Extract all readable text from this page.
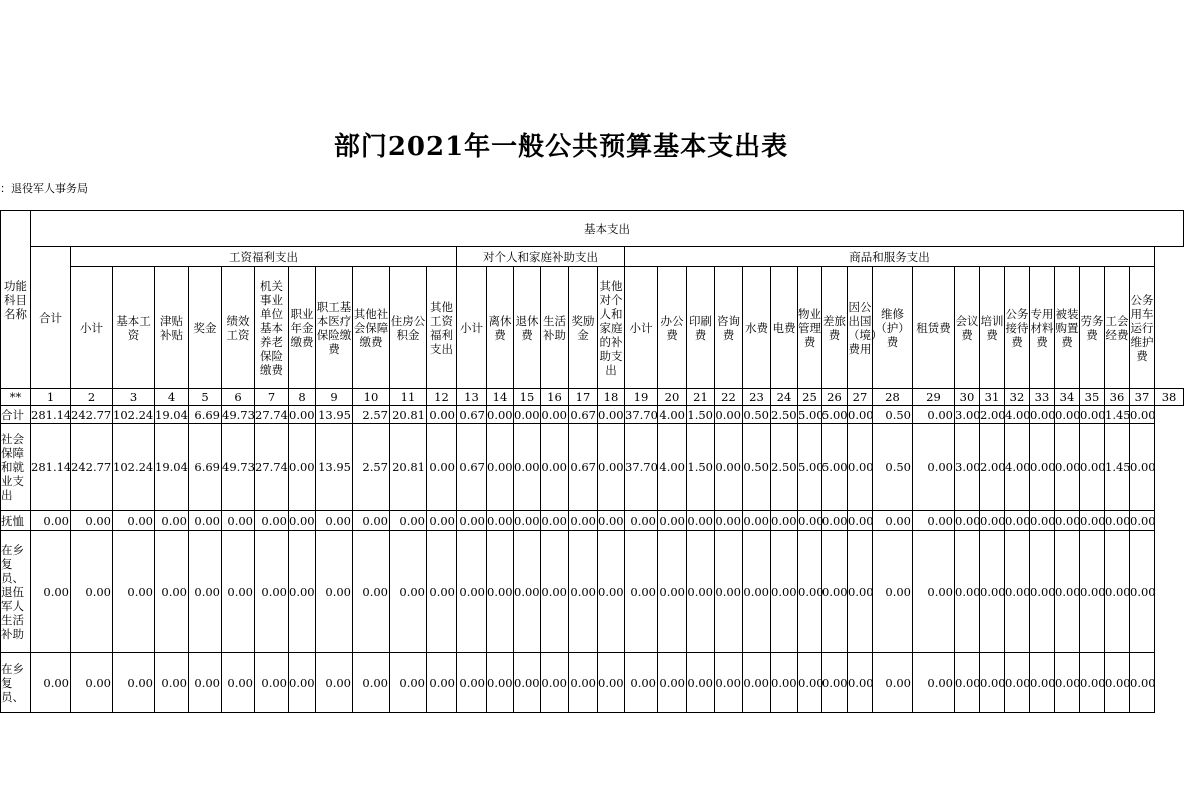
部门2021年一般公共预算基本支出表
：退役军人事务局
功能科目名称	基本支出																																						
	合计	工资福利支出											对个人和家庭补助支出						商品和服务支出																				
		小计	基本工资	津贴补贴	奖金	绩效工资	机关事业单位基本养老保险缴费	职业年金缴费	职工基本医疗保险缴费	其他社会保障缴费	住房公积金	其他工资福利支出	小计	离休费	退休费	生活补助	奖励金	其他对个人和家庭的补助支出	小计	办公费	印刷费	咨询费	水费	电费	物业管理费	差旅费	因公出国（境）费用	维修（护）费	租赁费	会议费	培训费	公务接待费	专用材料费	被装购置费	劳务费	工会经费	公务用车运行维护费		
**	1	2	3	4	5	6	7	8	9	10	11	12	13	14	15	16	17	18	19	20	21	22	23	24	25	26	27	28	29	30	31	32	33	34	35	36	37	38	
合计	281.14	242.77	102.24	19.04	6.69	49.73	27.74	0.00	13.95	2.57	20.81	0.00	0.67	0.00	0.00	0.00	0.67	0.00	37.70	4.00	1.50	0.00	0.50	2.50	5.00	5.00	0.00	0.50	0.00	3.00	2.00	4.00	0.00	0.00	0.00	1.45	0.00		
社会保障和就业支出	281.14	242.77	102.24	19.04	6.69	49.73	27.74	0.00	13.95	2.57	20.81	0.00	0.67	0.00	0.00	0.00	0.67	0.00	37.70	4.00	1.50	0.00	0.50	2.50	5.00	5.00	0.00	0.50	0.00	3.00	2.00	4.00	0.00	0.00	0.00	1.45	0.00		
抚恤	0.00	0.00	0.00	0.00	0.00	0.00	0.00	0.00	0.00	0.00	0.00	0.00	0.00	0.00	0.00	0.00	0.00	0.00	0.00	0.00	0.00	0.00	0.00	0.00	0.00	0.00	0.00	0.00	0.00	0.00	0.00	0.00	0.00	0.00	0.00	0.00	0.00		
在乡复员、退伍军人生活补助	0.00	0.00	0.00	0.00	0.00	0.00	0.00	0.00	0.00	0.00	0.00	0.00	0.00	0.00	0.00	0.00	0.00	0.00	0.00	0.00	0.00	0.00	0.00	0.00	0.00	0.00	0.00	0.00	0.00	0.00	0.00	0.00	0.00	0.00	0.00	0.00	0.00		
在乡复员、	0.00	0.00	0.00	0.00	0.00	0.00	0.00	0.00	0.00	0.00	0.00	0.00	0.00	0.00	0.00	0.00	0.00	0.00	0.00	0.00	0.00	0.00	0.00	0.00	0.00	0.00	0.00	0.00	0.00	0.00	0.00	0.00	0.00	0.00	0.00	0.00	0.00		
